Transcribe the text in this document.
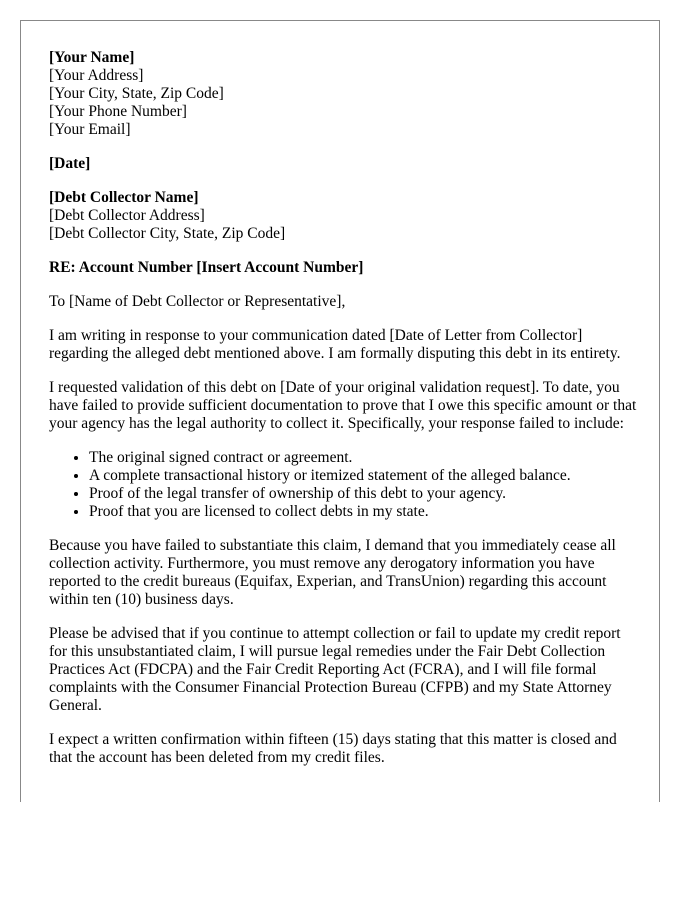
[Your Name]
[Your Address]
[Your City, State, Zip Code]
[Your Phone Number]
[Your Email]
[Date]
[Debt Collector Name]
[Debt Collector Address]
[Debt Collector City, State, Zip Code]
RE: Account Number [Insert Account Number]

To [Name of Debt Collector or Representative],

I am writing in response to your communication dated [Date of Letter from Collector] regarding the alleged debt mentioned above. I am formally disputing this debt in its entirety.

I requested validation of this debt on [Date of your original validation request]. To date, you have failed to provide sufficient documentation to prove that I owe this specific amount or that your agency has the legal authority to collect it. Specifically, your response failed to include:

• The original signed contract or agreement.
• A complete transactional history or itemized statement of the alleged balance.
• Proof of the legal transfer of ownership of this debt to your agency.
• Proof that you are licensed to collect debts in my state.

Because you have failed to substantiate this claim, I demand that you immediately cease all collection activity. Furthermore, you must remove any derogatory information you have reported to the credit bureaus (Equifax, Experian, and TransUnion) regarding this account within ten (10) business days.

Please be advised that if you continue to attempt collection or fail to update my credit report for this unsubstantiated claim, I will pursue legal remedies under the Fair Debt Collection Practices Act (FDCPA) and the Fair Credit Reporting Act (FCRA), and I will file formal complaints with the Consumer Financial Protection Bureau (CFPB) and my State Attorney General.

I expect a written confirmation within fifteen (15) days stating that this matter is closed and that the account has been deleted from my credit files.
